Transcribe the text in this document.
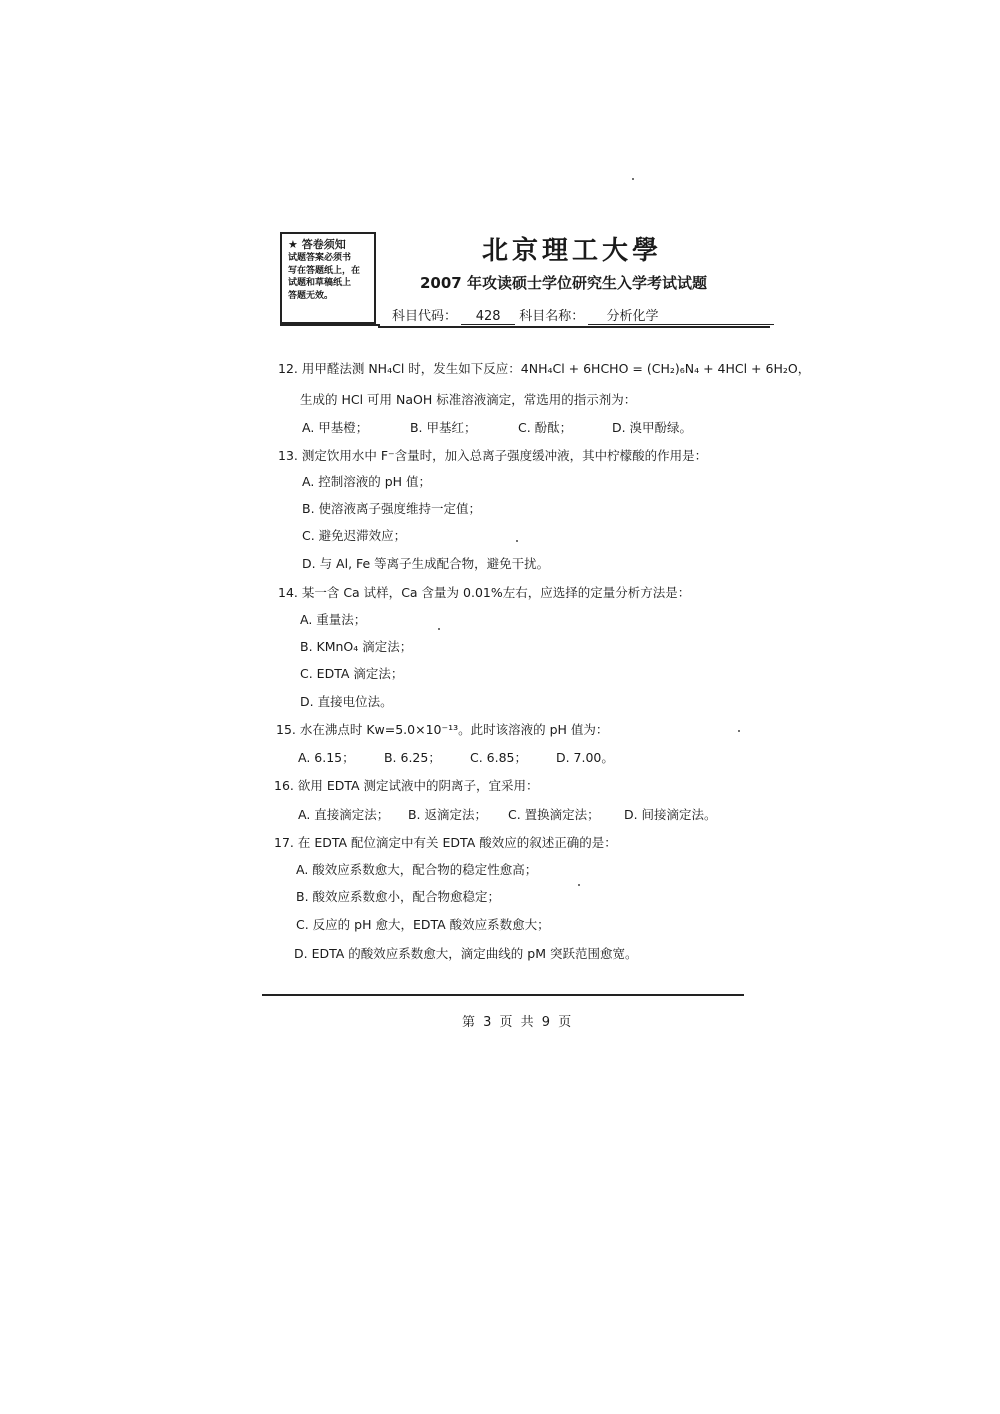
★ 答卷须知
试题答案必须书
写在答题纸上，在
试题和草稿纸上
答题无效。
北京理工大學
2007 年攻读硕士学位研究生入学考试试题
科目代码： 428 科目名称： 分析化学
12. 用甲醛法测 NH₄Cl 时，发生如下反应：4NH₄Cl + 6HCHO = (CH₂)₆N₄ + 4HCl + 6H₂O，
生成的 HCl 可用 NaOH 标准溶液滴定，常选用的指示剂为：
A. 甲基橙；	B. 甲基红；	C. 酚酞；	D. 溴甲酚绿。
13. 测定饮用水中 F⁻含量时，加入总离子强度缓冲液，其中柠檬酸的作用是：
A. 控制溶液的 pH 值；
B. 使溶液离子强度维持一定值；
C. 避免迟滞效应；
D. 与 Al, Fe 等离子生成配合物，避免干扰。
14. 某一含 Ca 试样，Ca 含量为 0.01%左右，应选择的定量分析方法是：
A. 重量法；
B. KMnO₄ 滴定法；
C. EDTA 滴定法；
D. 直接电位法。
15. 水在沸点时 Kw=5.0×10⁻¹³。此时该溶液的 pH 值为：
A. 6.15； B. 6.25； C. 6.85； D. 7.00。
16. 欲用 EDTA 测定试液中的阴离子，宜采用：
A. 直接滴定法； B. 返滴定法； C. 置换滴定法； D. 间接滴定法。
17. 在 EDTA 配位滴定中有关 EDTA 酸效应的叙述正确的是：
A. 酸效应系数愈大，配合物的稳定性愈高；
B. 酸效应系数愈小，配合物愈稳定；
C. 反应的 pH 愈大，EDTA 酸效应系数愈大；
D. EDTA 的酸效应系数愈大，滴定曲线的 pM 突跃范围愈宽。
第 3 页 共 9 页
